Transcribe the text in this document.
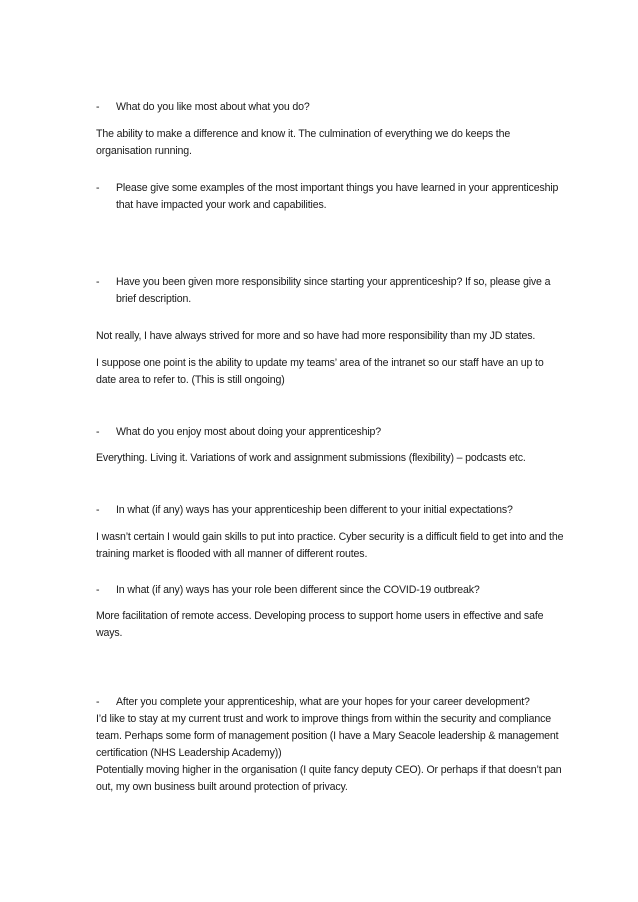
-	What do you like most about what you do?

The ability to make a difference and know it. The culmination of everything we do keeps the organisation running.

-	Please give some examples of the most important things you have learned in your apprenticeship that have impacted your work and capabilities.
-	Have you been given more responsibility since starting your apprenticeship? If so, please give a brief description.

Not really, I have always strived for more and so have had more responsibility than my JD states.

I suppose one point is the ability to update my teams’ area of the intranet so our staff have an up to date area to refer to. (This is still ongoing)

-	What do you enjoy most about doing your apprenticeship?

Everything. Living it. Variations of work and assignment submissions (flexibility) – podcasts etc.

-	In what (if any) ways has your apprenticeship been different to your initial expectations?

I wasn’t certain I would gain skills to put into practice. Cyber security is a difficult field to get into and the training market is flooded with all manner of different routes.

-	In what (if any) ways has your role been different since the COVID-19 outbreak?

More facilitation of remote access. Developing process to support home users in effective and safe ways.

-	After you complete your apprenticeship, what are your hopes for your career development?

I’d like to stay at my current trust and work to improve things from within the security and compliance team. Perhaps some form of management position (I have a Mary Seacole leadership & management certification (NHS Leadership Academy))

Potentially moving higher in the organisation (I quite fancy deputy CEO). Or perhaps if that doesn’t pan out, my own business built around protection of privacy.
